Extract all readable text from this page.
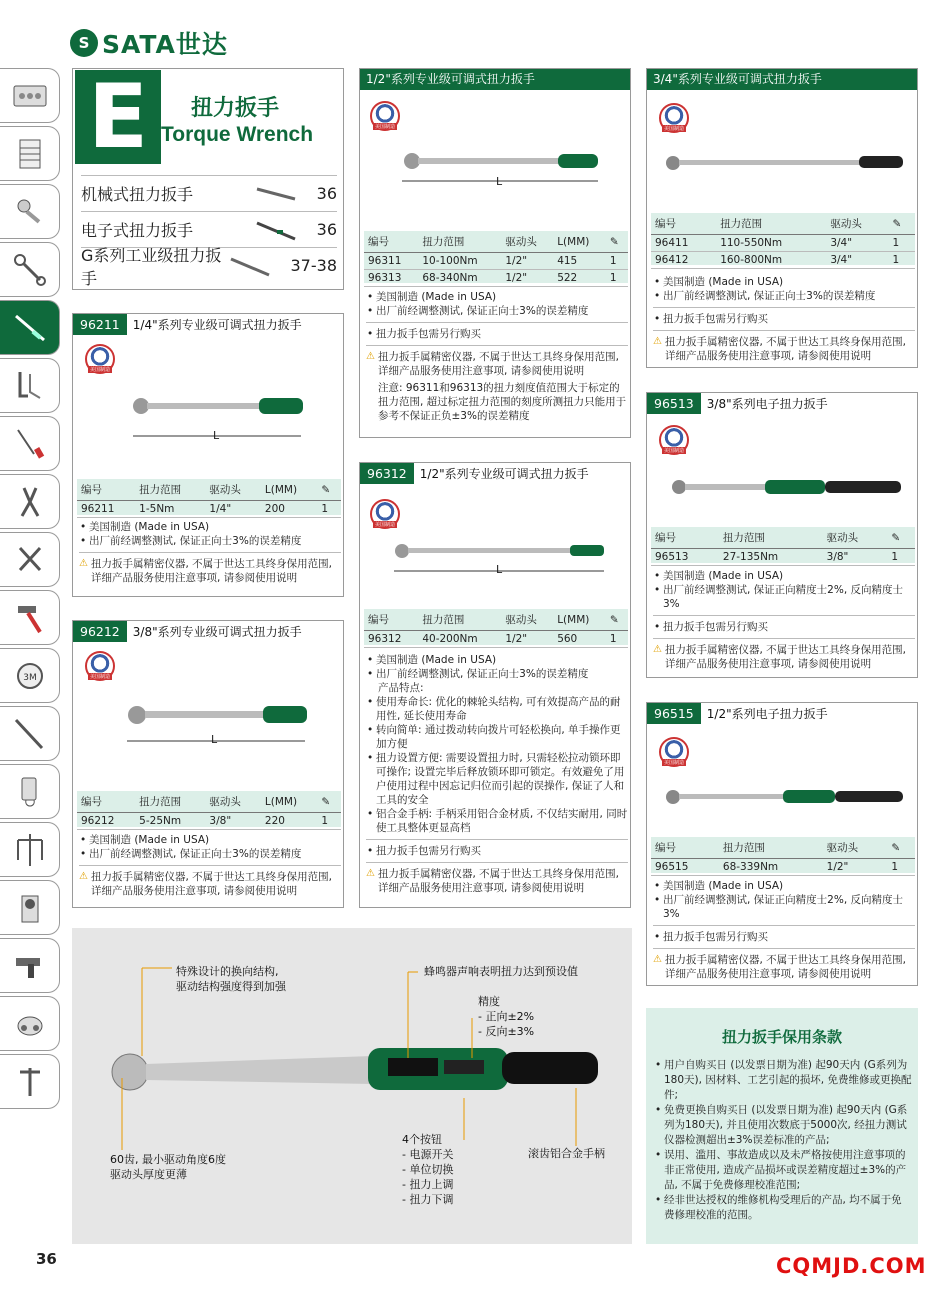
S SATA世达
3M
E	扭力扳手
Torque Wrench
机械式扭力扳手	36
电子式扭力扳手	36
G系列工业级扭力扳手
37-38
96211	1/4"系列专业级可调式扭力扳手
美国制造
L
编号	扭力范围	驱动头	L(MM)	✎
96211	1-5Nm	1/4"	200	1
• 美国制造 (Made in USA)
• 出厂前经调整测试, 保证正向士3%的误差精度
⚠ 扭力扳手属精密仪器, 不属于世达工具终身保用范围, 详细产品服务使用注意事项, 请参阅使用说明
96212	3/8"系列专业级可调式扭力扳手
美国制造
L
编号	扭力范围	驱动头	L(MM)	✎
96212	5-25Nm	3/8"	220	1
• 美国制造 (Made in USA)
• 出厂前经调整测试, 保证正向士3%的误差精度
⚠ 扭力扳手属精密仪器, 不属于世达工具终身保用范围, 详细产品服务使用注意事项, 请参阅使用说明
1/2"系列专业级可调式扭力扳手
美国制造
L
编号	扭力范围	驱动头	L(MM)	✎
96311	10-100Nm	1/2"	415	1
96313	68-340Nm	1/2"	522	1
• 美国制造 (Made in USA)
• 出厂前经调整测试, 保证正向士3%的误差精度
• 扭力扳手包需另行购买
⚠ 扭力扳手属精密仪器, 不属于世达工具终身保用范围, 详细产品服务使用注意事项, 请参阅使用说明
注意: 96311和96313的扭力刻度值范围大于标定的扭力范围, 超过标定扭力范围的刻度所测扭力只能用于参考不保证正负±3%的误差精度
96312	1/2"系列专业级可调式扭力扳手
美国制造
L
编号	扭力范围	驱动头	L(MM)	✎
96312	40-200Nm	1/2"	560	1
• 美国制造 (Made in USA)
• 出厂前经调整测试, 保证正向士3%的误差精度
产品特点:
• 使用寿命长: 优化的棘轮头结构, 可有效提高产品的耐用性, 延长使用寿命
• 转向简单: 通过拨动转向拨片可轻松换向, 单手操作更加方便
• 扭力设置方便: 需要设置扭力时, 只需轻松拉动锁环即可操作; 设置完毕后释放锁环即可锁定。有效避免了用户使用过程中因忘记归位而引起的误操作, 保证了人和工具的安全
• 铝合金手柄: 手柄采用铝合金材质, 不仅结实耐用, 同时使工具整体更显高档
• 扭力扳手包需另行购买
⚠ 扭力扳手属精密仪器, 不属于世达工具终身保用范围, 详细产品服务使用注意事项, 请参阅使用说明
3/4"系列专业级可调式扭力扳手
美国制造
编号	扭力范围	驱动头	✎
96411	110-550Nm	3/4"	1
96412	160-800Nm	3/4"	1
• 美国制造 (Made in USA)
• 出厂前经调整测试, 保证正向士3%的误差精度
• 扭力扳手包需另行购买
⚠ 扭力扳手属精密仪器, 不属于世达工具终身保用范围, 详细产品服务使用注意事项, 请参阅使用说明
96513	3/8"系列电子扭力扳手
美国制造
编号	扭力范围	驱动头	✎
96513	27-135Nm	3/8"	1
• 美国制造 (Made in USA)
• 出厂前经调整测试, 保证正向精度士2%, 反向精度士3%
• 扭力扳手包需另行购买
⚠ 扭力扳手属精密仪器, 不属于世达工具终身保用范围, 详细产品服务使用注意事项, 请参阅使用说明
96515	1/2"系列电子扭力扳手
美国制造
编号	扭力范围	驱动头	✎
96515	68-339Nm	1/2"	1
• 美国制造 (Made in USA)
• 出厂前经调整测试, 保证正向精度士2%, 反向精度士3%
• 扭力扳手包需另行购买
⚠ 扭力扳手属精密仪器, 不属于世达工具终身保用范围, 详细产品服务使用注意事项, 请参阅使用说明
特殊设计的换向结构,
驱动结构强度得到加强
蜂鸣器声响表明扭力达到预设值
精度
- 正向±2%
- 反向±3%
60齿, 最小驱动角度6度
驱动头厚度更薄
4个按钮
- 电源开关
- 单位切换
- 扭力上调
- 扭力下调
滚齿铝合金手柄
扭力扳手保用条款
• 用户自购买日 (以发票日期为准) 起90天内 (G系列为180天), 因材料、工艺引起的损坏, 免费维修或更换配件;
• 免费更换自购买日 (以发票日期为准) 起90天内 (G系列为180天), 并且使用次数底于5000次, 经扭力测试仪器检测超出±3%误差标准的产品;
• 误用、滥用、事故造成以及未严格按使用注意事项的非正常使用, 造成产品损坏或误差精度超过±3%的产品, 不属于免费修理校准范围;
• 经非世达授权的维修机构受理后的产品, 均不属于免费修理校准的范围。
36	CQMJD.COM
